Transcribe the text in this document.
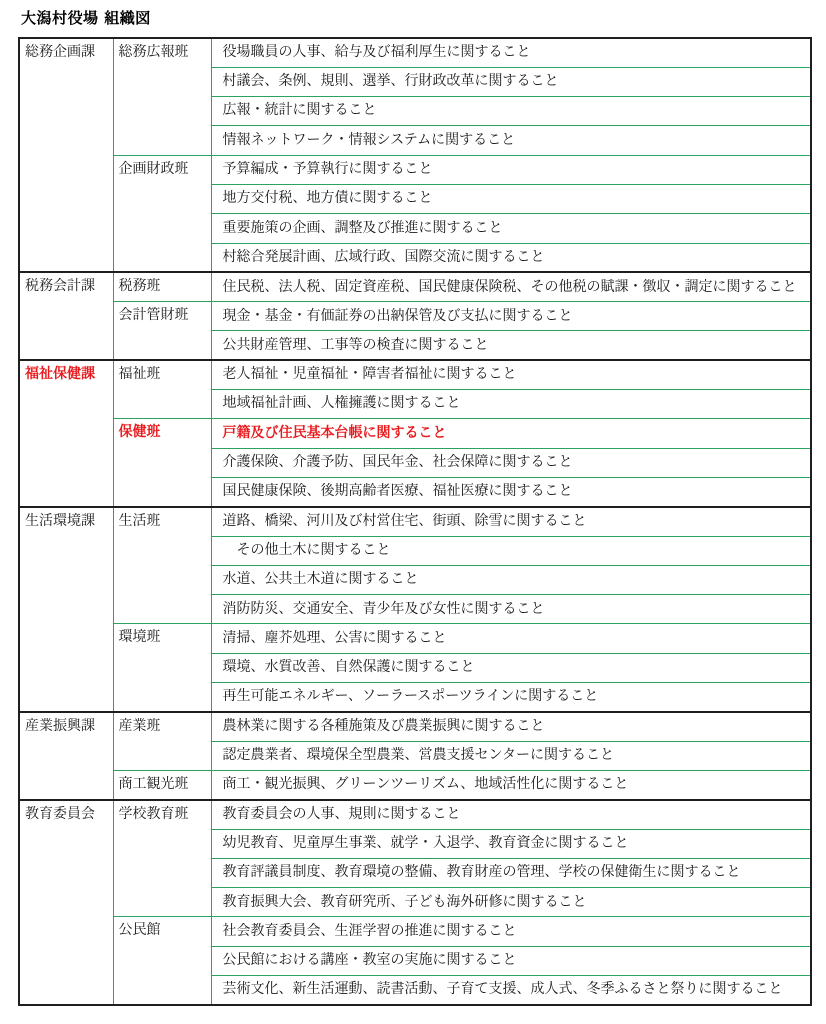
大潟村役場 組織図
総務企画課	総務広報班	役場職員の人事、給与及び福利厚生に関すること
		村議会、条例、規則、選挙、行財政改革に関すること
		広報・統計に関すること
		情報ネットワーク・情報システムに関すること
	企画財政班	予算編成・予算執行に関すること
		地方交付税、地方債に関すること
		重要施策の企画、調整及び推進に関すること
		村総合発展計画、広域行政、国際交流に関すること
税務会計課	税務班	住民税、法人税、固定資産税、国民健康保険税、その他税の賦課・徴収・調定に関すること
	会計管財班	現金・基金・有価証券の出納保管及び支払に関すること
		公共財産管理、工事等の検査に関すること
福祉保健課	福祉班	老人福祉・児童福祉・障害者福祉に関すること
		地域福祉計画、人権擁護に関すること
	保健班	戸籍及び住民基本台帳に関すること
		介護保険、介護予防、国民年金、社会保障に関すること
		国民健康保険、後期高齢者医療、福祉医療に関すること
生活環境課	生活班	道路、橋梁、河川及び村営住宅、街頭、除雪に関すること
		　その他土木に関すること
		水道、公共土木道に関すること
		消防防災、交通安全、青少年及び女性に関すること
	環境班	清掃、塵芥処理、公害に関すること
		環境、水質改善、自然保護に関すること
		再生可能エネルギー、ソーラースポーツラインに関すること
産業振興課	産業班	農林業に関する各種施策及び農業振興に関すること
		認定農業者、環境保全型農業、営農支援センターに関すること
	商工観光班	商工・観光振興、グリーンツーリズム、地域活性化に関すること
教育委員会	学校教育班	教育委員会の人事、規則に関すること
		幼児教育、児童厚生事業、就学・入退学、教育資金に関すること
		教育評議員制度、教育環境の整備、教育財産の管理、学校の保健衛生に関すること
		教育振興大会、教育研究所、子ども海外研修に関すること
	公民館	社会教育委員会、生涯学習の推進に関すること
		公民館における講座・教室の実施に関すること
		芸術文化、新生活運動、読書活動、子育て支援、成人式、冬季ふるさと祭りに関すること
